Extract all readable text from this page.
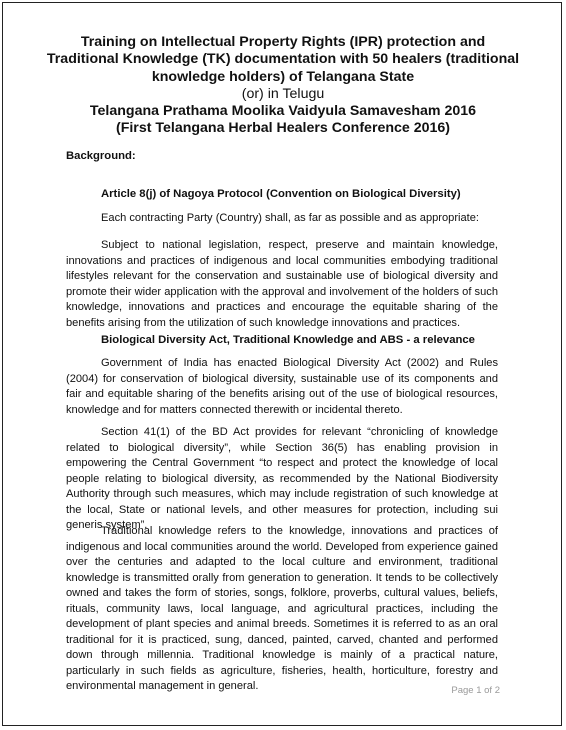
Training on Intellectual Property Rights (IPR) protection and
Traditional Knowledge (TK) documentation with 50 healers (traditional
knowledge holders) of Telangana State
(or) in Telugu
Telangana Prathama Moolika Vaidyula Samavesham 2016
(First Telangana Herbal Healers Conference 2016)
Background:
Article 8(j) of Nagoya Protocol (Convention on Biological Diversity)

Each contracting Party (Country) shall, as far as possible and as appropriate:

Subject to national legislation, respect, preserve and maintain knowledge, innovations and practices of indigenous and local communities embodying traditional lifestyles relevant for the conservation and sustainable use of biological diversity and promote their wider application with the approval and involvement of the holders of such knowledge, innovations and practices and encourage the equitable sharing of the benefits arising from the utilization of such knowledge innovations and practices.

Biological Diversity Act, Traditional Knowledge and ABS - a relevance

Government of India has enacted Biological Diversity Act (2002) and Rules (2004) for conservation of biological diversity, sustainable use of its components and fair and equitable sharing of the benefits arising out of the use of biological resources, knowledge and for matters connected therewith or incidental thereto.

Section 41(1) of the BD Act provides for relevant “chronicling of knowledge related to biological diversity”, while Section 36(5) has enabling provision in empowering the Central Government “to respect and protect the knowledge of local people relating to biological diversity, as recommended by the National Biodiversity Authority through such measures, which may include registration of such knowledge at the local, State or national levels, and other measures for protection, including sui generis system”.

Traditional knowledge refers to the knowledge, innovations and practices of indigenous and local communities around the world. Developed from experience gained over the centuries and adapted to the local culture and environment, traditional knowledge is transmitted orally from generation to generation. It tends to be collectively owned and takes the form of stories, songs, folklore, proverbs, cultural values, beliefs, rituals, community laws, local language, and agricultural practices, including the development of plant species and animal breeds. Sometimes it is referred to as an oral traditional for it is practiced, sung, danced, painted, carved, chanted and performed down through millennia. Traditional knowledge is mainly of a practical nature, particularly in such fields as agriculture, fisheries, health, horticulture, forestry and environmental management in general.	Page 1 of 2
